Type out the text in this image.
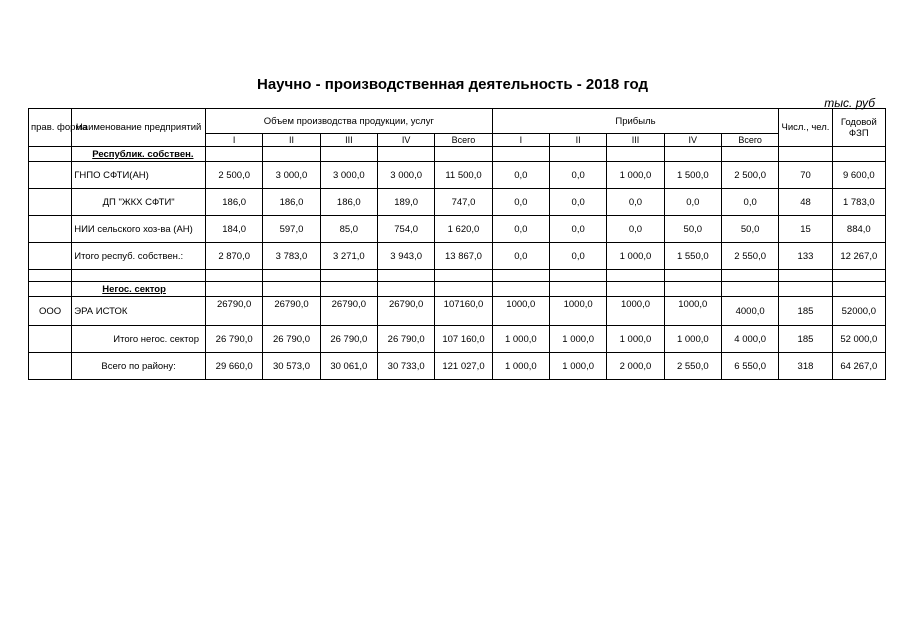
Научно - производственная деятельность - 2018 год
тыс. руб
прав. форма	Наименование предприятий	Объем производства продукции, услуг					Прибыль					Числ., чел.	Годовой ФЗП
		I	II	III	IV	Всего	I	II	III	IV	Всего		
	Республик. собствен.												
	ГНПО СФТИ(АН)	2 500,0	3 000,0	3 000,0	3 000,0	11 500,0	0,0	0,0	1 000,0	1 500,0	2 500,0	70	9 600,0
	ДП "ЖКХ СФТИ"	186,0	186,0	186,0	189,0	747,0	0,0	0,0	0,0	0,0	0,0	48	1 783,0
	НИИ сельского хоз-ва (АН)	184,0	597,0	85,0	754,0	1 620,0	0,0	0,0	0,0	50,0	50,0	15	884,0
	Итого респуб. собствен.:	2 870,0	3 783,0	3 271,0	3 943,0	13 867,0	0,0	0,0	1 000,0	1 550,0	2 550,0	133	12 267,0

	Негос. сектор												
ООО	ЭРА ИСТОК	26790,0	26790,0	26790,0	26790,0	107160,0	1000,0	1000,0	1000,0	1000,0	4000,0	185	52000,0
	Итого негос. сектор	26 790,0	26 790,0	26 790,0	26 790,0	107 160,0	1 000,0	1 000,0	1 000,0	1 000,0	4 000,0	185	52 000,0
	Всего по району:	29 660,0	30 573,0	30 061,0	30 733,0	121 027,0	1 000,0	1 000,0	2 000,0	2 550,0	6 550,0	318	64 267,0
